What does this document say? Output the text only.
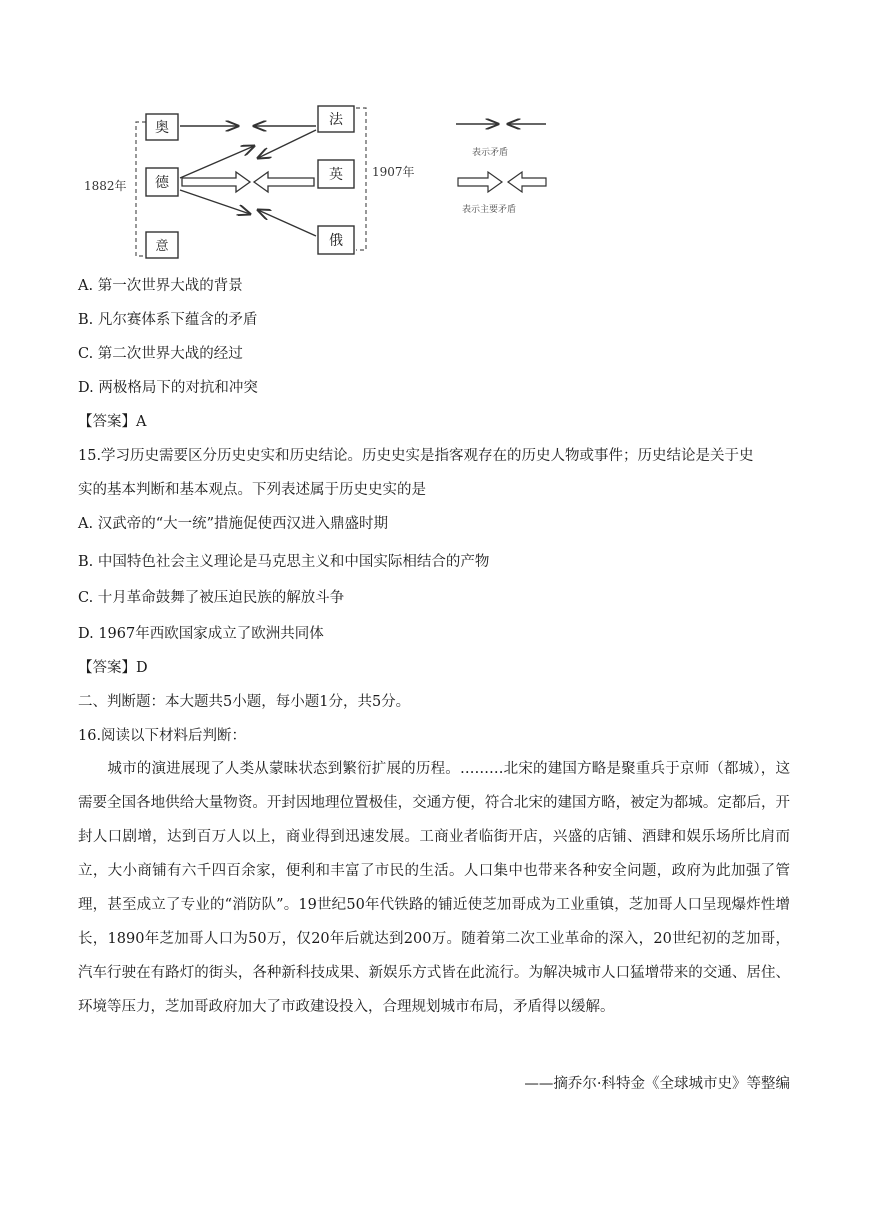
奥
德
意
法
英
俄
1882年
1907年
表示矛盾
表示主要矛盾
A. 第一次世界大战的背景
B. 凡尔赛体系下蕴含的矛盾
C. 第二次世界大战的经过
D. 两极格局下的对抗和冲突
【答案】A
15.学习历史需要区分历史史实和历史结论。历史史实是指客观存在的历史人物或事件；历史结论是关于史
实的基本判断和基本观点。下列表述属于历史史实的是
A. 汉武帝的“大一统”措施促使西汉进入鼎盛时期
B. 中国特色社会主义理论是马克思主义和中国实际相结合的产物
C. 十月革命鼓舞了被压迫民族的解放斗争
D. 1967年西欧国家成立了欧洲共同体
【答案】D
二、判断题：本大题共5小题，每小题1分，共5分。
16.阅读以下材料后判断：
　　城市的演进展现了人类从蒙昧状态到繁衍扩展的历程。………北宋的建国方略是聚重兵于京师（都城），这需要全国各地供给大量物资。开封因地理位置极佳，交通方便，符合北宋的建国方略，被定为都城。定都后，开封人口剧增，达到百万人以上，商业得到迅速发展。工商业者临街开店，兴盛的店铺、酒肆和娱乐场所比肩而立，大小商铺有六千四百余家，便利和丰富了市民的生活。人口集中也带来各种安全问题，政府为此加强了管理，甚至成立了专业的“消防队”。19世纪50年代铁路的铺近使芝加哥成为工业重镇，芝加哥人口呈现爆炸性增长，1890年芝加哥人口为50万，仅20年后就达到200万。随着第二次工业革命的深入，20世纪初的芝加哥，汽车行驶在有路灯的街头，各种新科技成果、新娱乐方式皆在此流行。为解决城市人口猛增带来的交通、居住、环境等压力，芝加哥政府加大了市政建设投入，合理规划城市布局，矛盾得以缓解。
——摘乔尔·科特金《全球城市史》等整编
